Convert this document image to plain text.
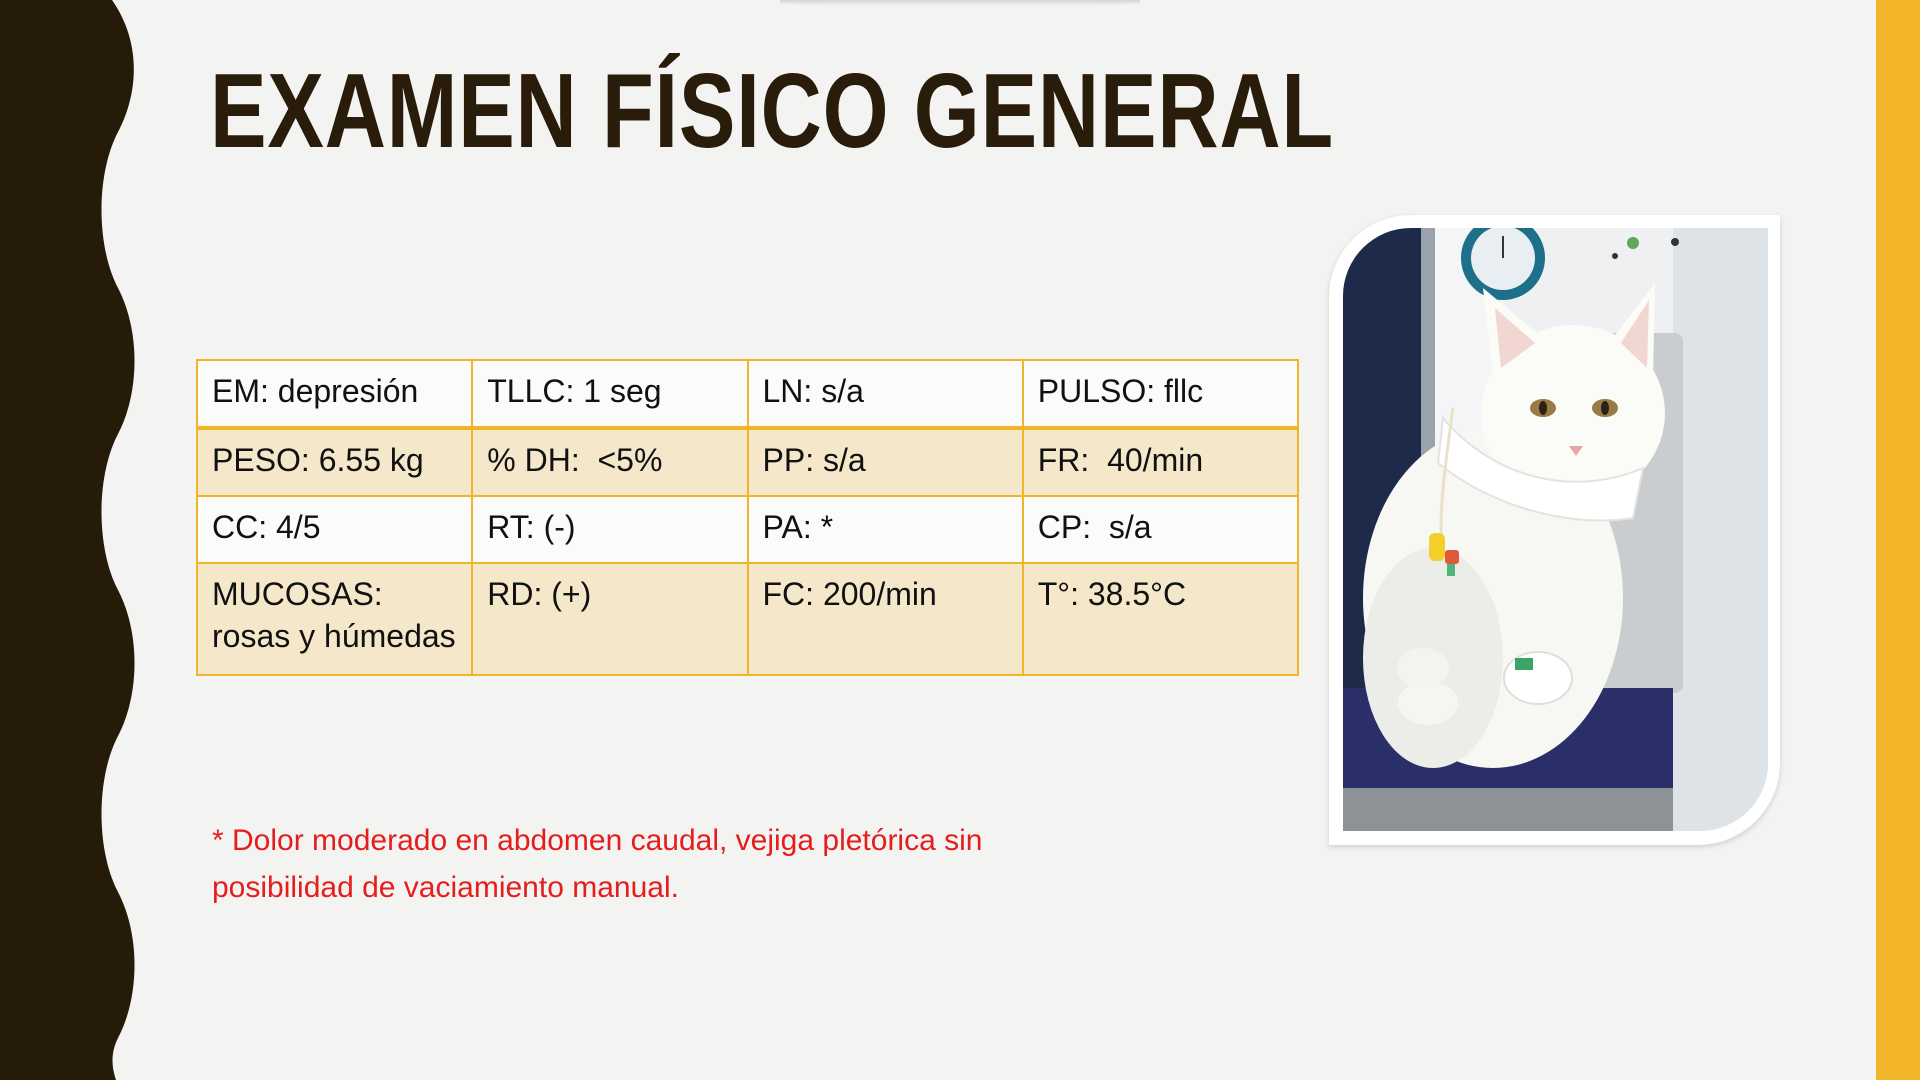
EXAMEN FÍSICO GENERAL
EM: depresión	TLLC: 1 seg	LN: s/a	PULSO: fllc
PESO: 6.55 kg	% DH:  <5%	PP: s/a	FR:  40/min
CC: 4/5	RT: (-)	PA: *	CP:  s/a
MUCOSAS:
rosas y húmedas	RD: (+)	FC: 200/min	T°: 38.5°C

* Dolor moderado en abdomen caudal, vejiga pletórica sin posibilidad de vaciamiento manual.
